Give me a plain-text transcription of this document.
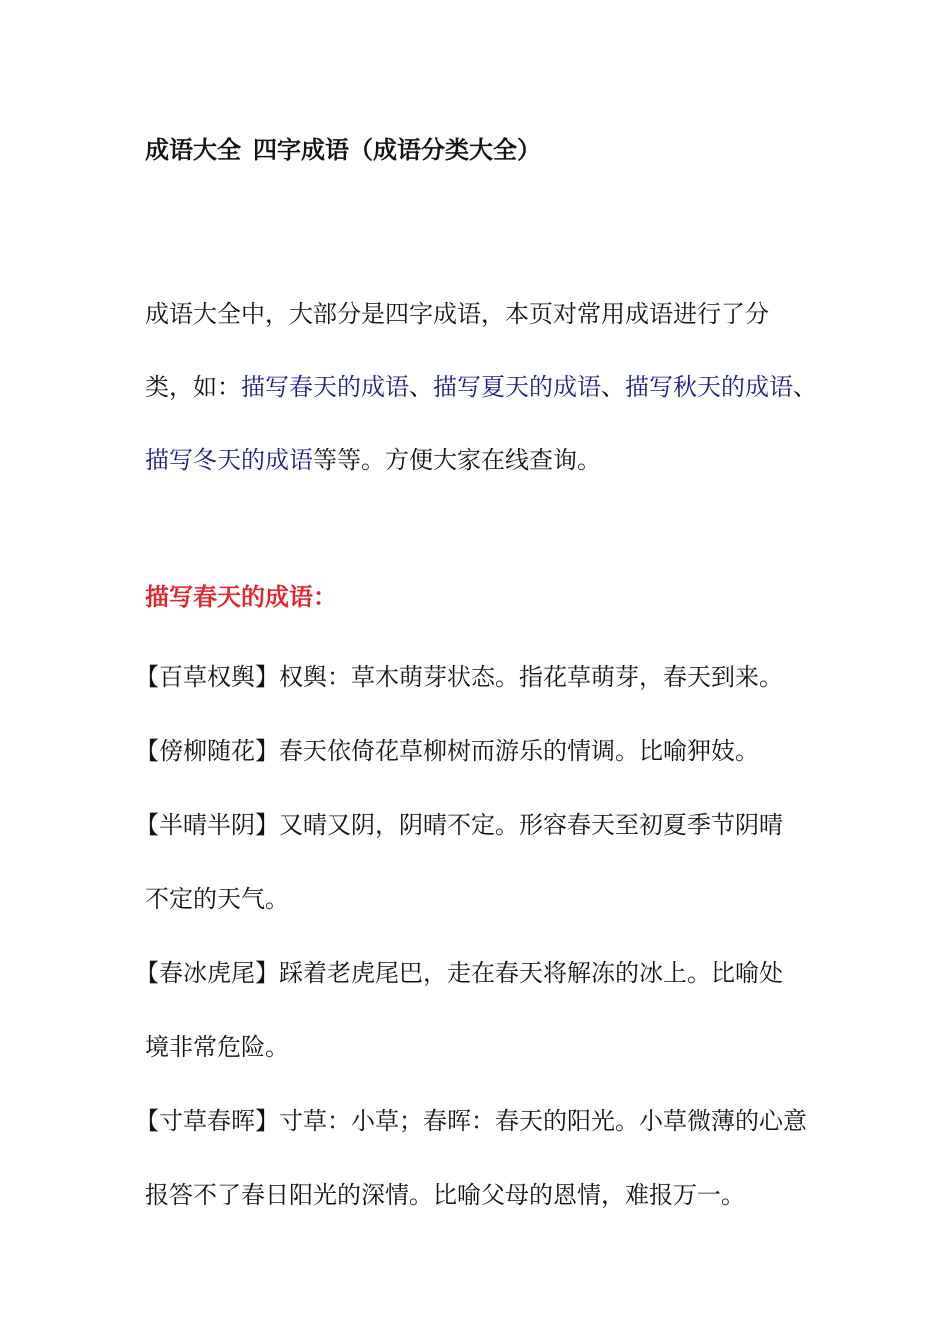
成语大全 四字成语（成语分类大全）
成语大全中，大部分是四字成语，本页对常用成语进行了分
类，如：描写春天的成语、描写夏天的成语、描写秋天的成语、
描写冬天的成语等等。方便大家在线查询。
描写春天的成语：
【百草权舆】权舆：草木萌芽状态。指花草萌芽，春天到来。
【傍柳随花】春天依倚花草柳树而游乐的情调。比喻狎妓。
【半晴半阴】又晴又阴，阴晴不定。形容春天至初夏季节阴晴
不定的天气。
【春冰虎尾】踩着老虎尾巴，走在春天将解冻的冰上。比喻处
境非常危险。
【寸草春晖】寸草：小草；春晖：春天的阳光。小草微薄的心意
报答不了春日阳光的深情。比喻父母的恩情，难报万一。
